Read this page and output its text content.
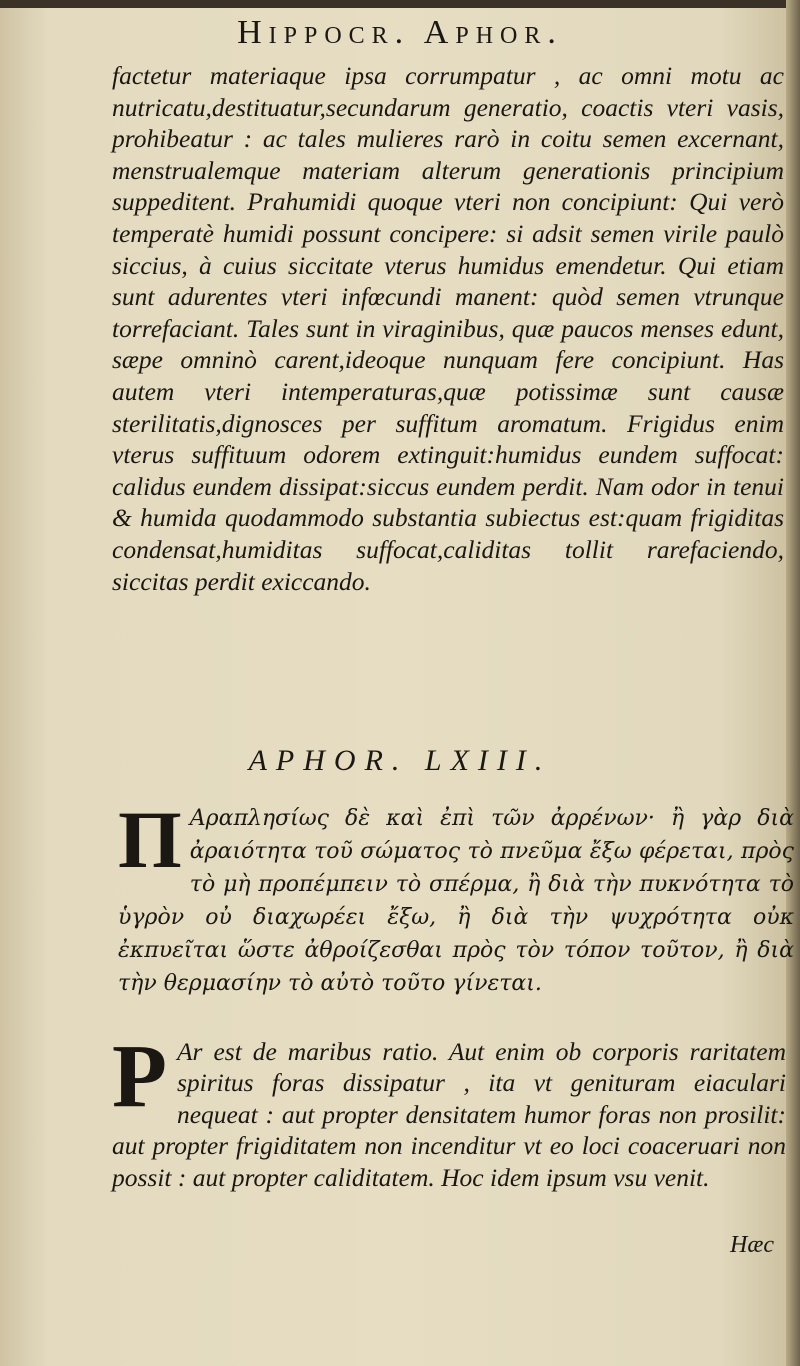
Hippocr. Aphor.
factetur materiaque ipsa corrumpatur , ac omni motu ac nutricatu,destituatur,secundarum generatio, coactis vteri vasis, prohibeatur : ac tales mulieres rarò in coitu semen excernant, menstrualemque materiam alterum generationis principium suppeditent. Prahumidi quoque vteri non concipiunt: Qui verò temperatè humidi possunt concipere: si adsit semen virile paulò siccius, à cuius siccitate vterus humidus emendetur. Qui etiam sunt adurentes vteri infœcundi manent: quòd semen vtrunque torrefaciant. Tales sunt in viraginibus, quæ paucos menses edunt, sæpe omninò carent,ideoque nunquam fere concipiunt. Has autem vteri intemperaturas,quæ potissimæ sunt causæ sterilitatis,dignosces per suffitum aromatum. Frigidus enim vterus suffituum odorem extinguit:humidus eundem suffocat: calidus eundem dissipat:siccus eundem perdit. Nam odor in tenui & humida quodammodo substantia subiectus est:quam frigiditas condensat,humiditas suffocat,caliditas tollit rarefaciendo, siccitas perdit exiccando.
APHOR. LXIII.
Π Αραπλησίως δὲ καὶ ἐπὶ τῶν ἀρρένων· ἢ γὰρ διὰ ἀραιότητα τοῦ σώματος τὸ πνεῦμα ἔξω φέρεται, πρὸς τὸ μὴ προπέμπειν τὸ σπέρμα, ἢ διὰ τὴν πυκνότητα τὸ ὑγρὸν οὐ διαχωρέει ἔξω, ἢ διὰ τὴν ψυχρότητα οὐκ ἐκπυεῖται ὥστε ἀθροίζεσθαι πρὸς τὸν τόπον τοῦτον, ἢ διὰ τὴν θερμασίην τὸ αὐτὸ τοῦτο γίνεται.
P Ar est de maribus ratio. Aut enim ob corporis raritatem spiritus foras dissipatur , ita vt genituram eiaculari nequeat : aut propter densitatem humor foras non prosilit: aut propter frigiditatem non incenditur vt eo loci coaceruari non possit : aut propter caliditatem. Hoc idem ipsum vsu venit.
Hæc
